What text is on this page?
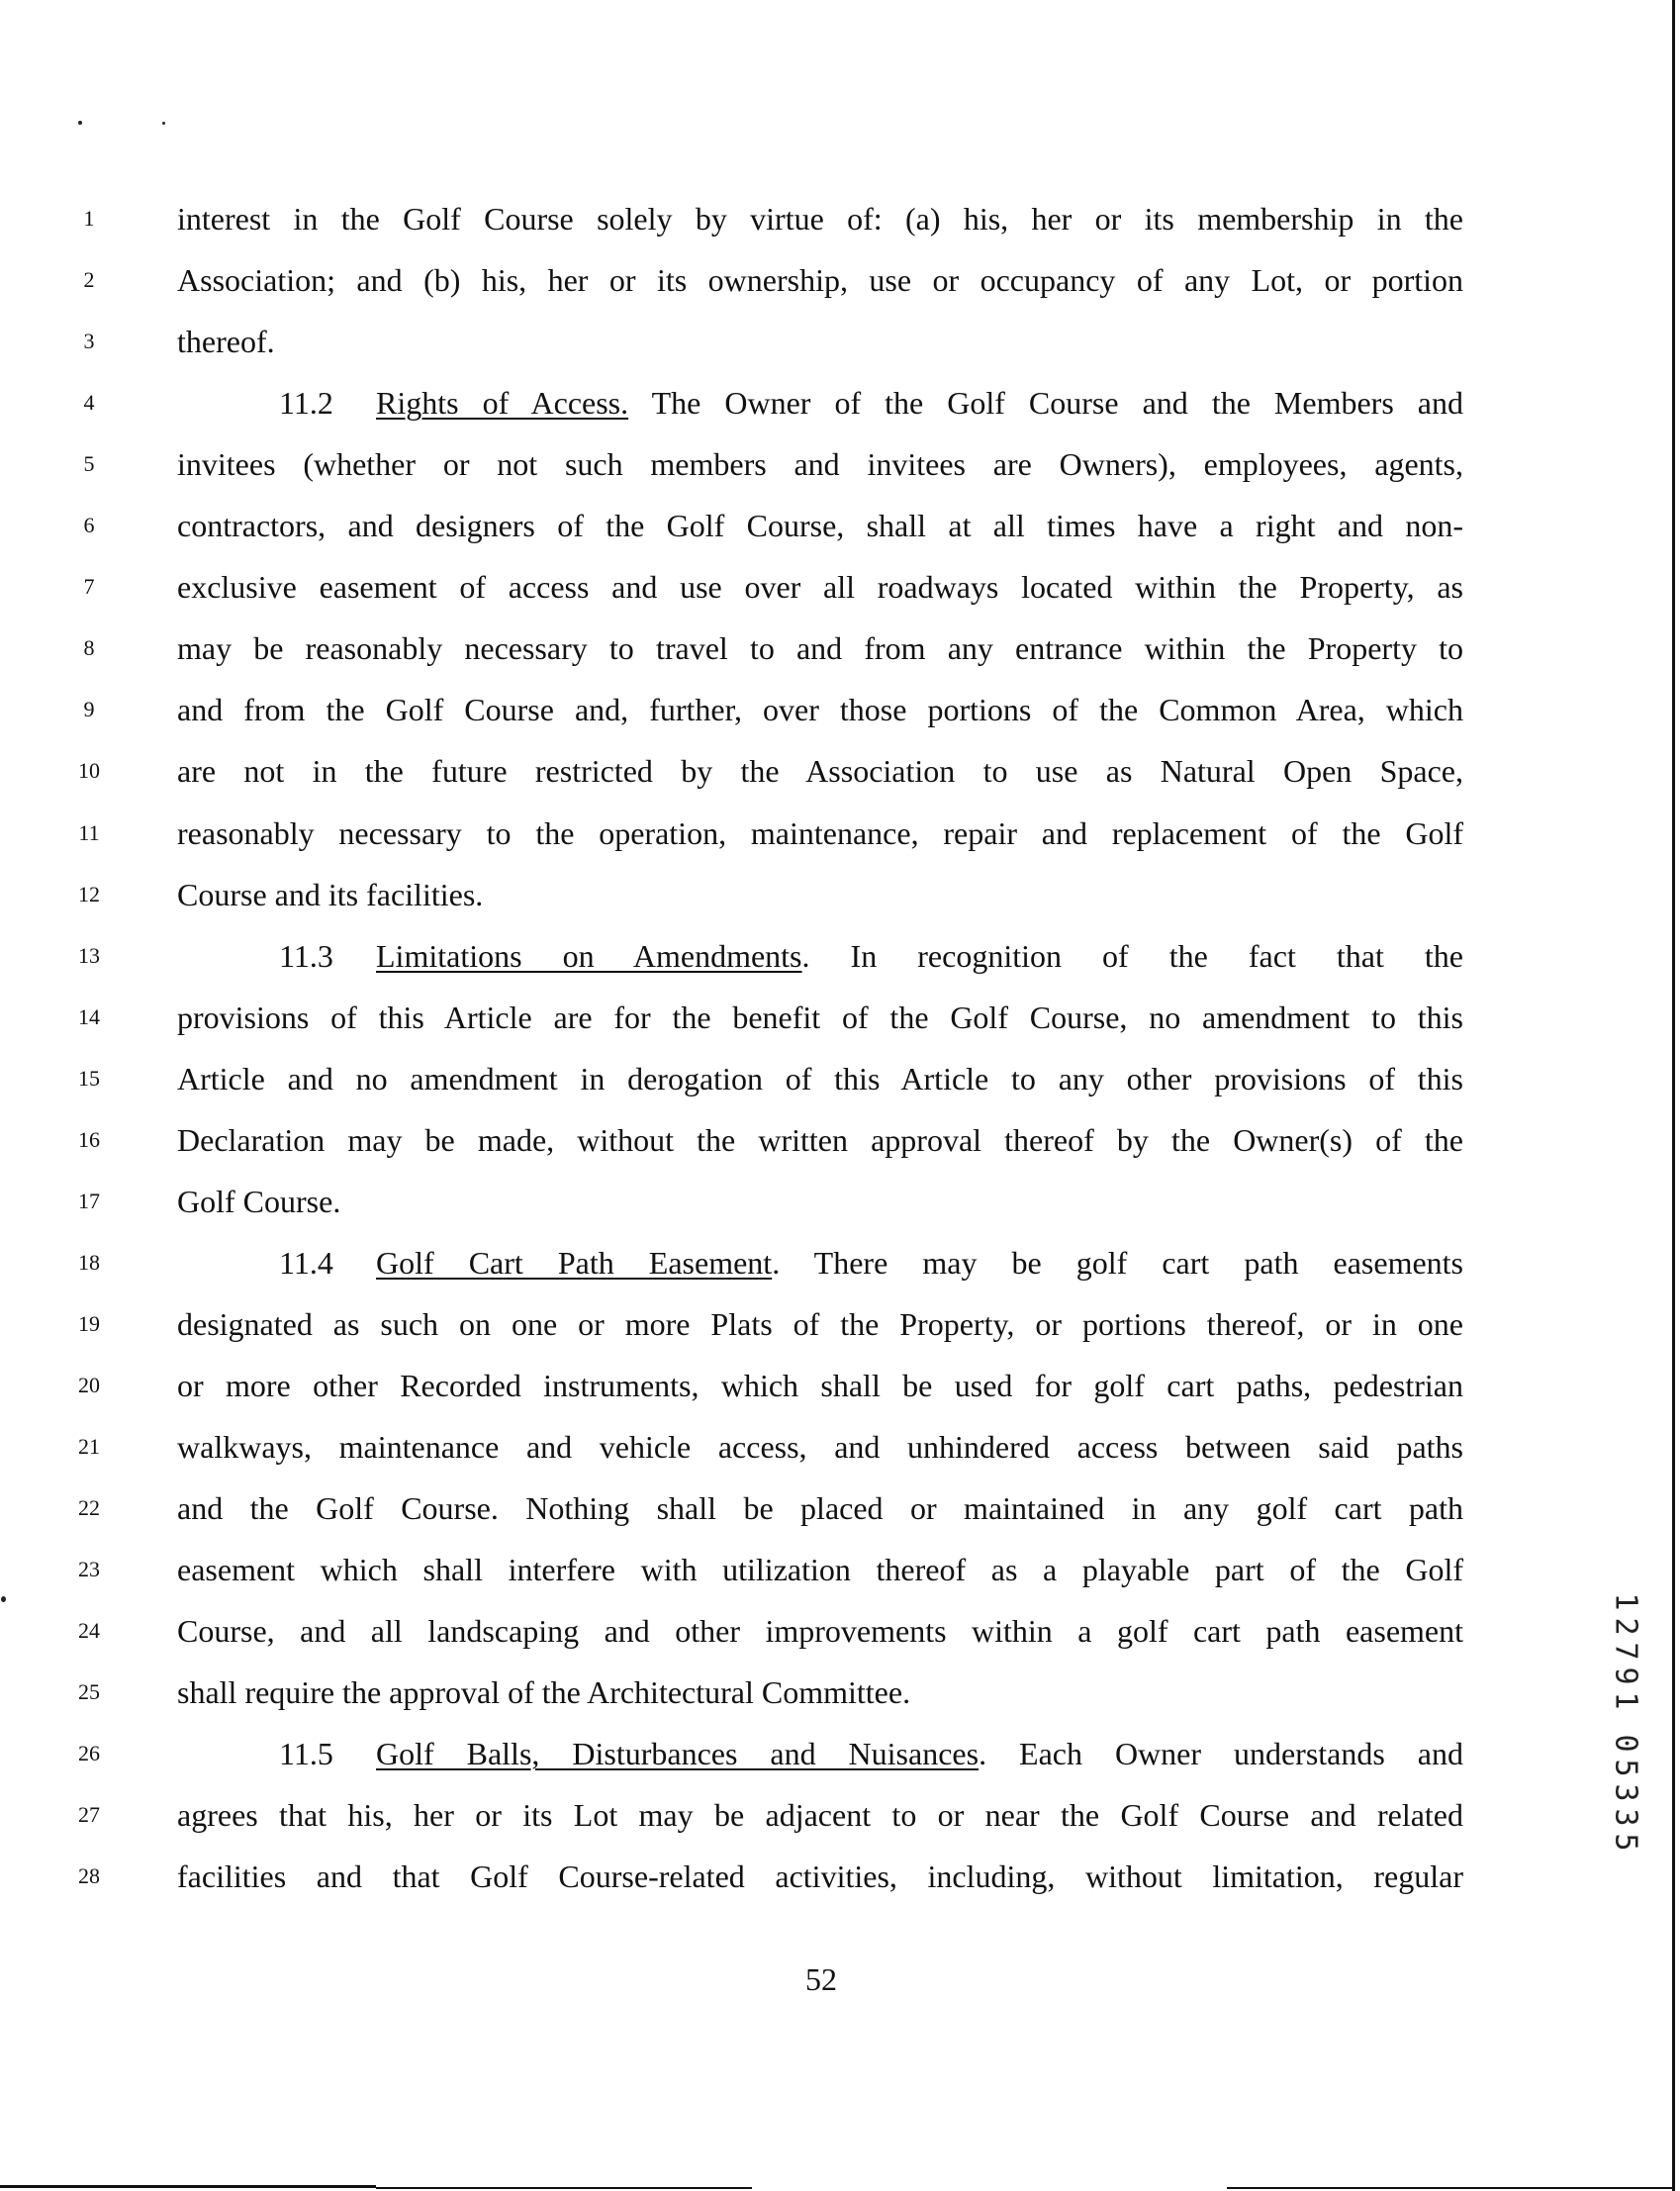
1	interest in the Golf Course solely by virtue of: (a) his, her or its membership in the
2	Association; and (b) his, her or its ownership, use or occupancy of any Lot, or portion
3	thereof.
4	11.2 Rights of Access. The Owner of the Golf Course and the Members and
5	invitees (whether or not such members and invitees are Owners), employees, agents,
6	contractors, and designers of the Golf Course, shall at all times have a right and non-
7	exclusive easement of access and use over all roadways located within the Property, as
8	may be reasonably necessary to travel to and from any entrance within the Property to
9	and from the Golf Course and, further, over those portions of the Common Area, which
10	are not in the future restricted by the Association to use as Natural Open Space,
11	reasonably necessary to the operation, maintenance, repair and replacement of the Golf
12	Course and its facilities.
13	11.3 Limitations on Amendments. In recognition of the fact that the
14	provisions of this Article are for the benefit of the Golf Course, no amendment to this
15	Article and no amendment in derogation of this Article to any other provisions of this
16	Declaration may be made, without the written approval thereof by the Owner(s) of the
17	Golf Course.
18	11.4 Golf Cart Path Easement. There may be golf cart path easements
19	designated as such on one or more Plats of the Property, or portions thereof, or in one
20	or more other Recorded instruments, which shall be used for golf cart paths, pedestrian
21	walkways, maintenance and vehicle access, and unhindered access between said paths
22	and the Golf Course. Nothing shall be placed or maintained in any golf cart path
23	easement which shall interfere with utilization thereof as a playable part of the Golf
24	Course, and all landscaping and other improvements within a golf cart path easement
25	shall require the approval of the Architectural Committee.
26	11.5 Golf Balls, Disturbances and Nuisances. Each Owner understands and
27	agrees that his, her or its Lot may be adjacent to or near the Golf Course and related
28	facilities and that Golf Course-related activities, including, without limitation, regular
52
1
2
7
9
1
0
5
3
3
5
